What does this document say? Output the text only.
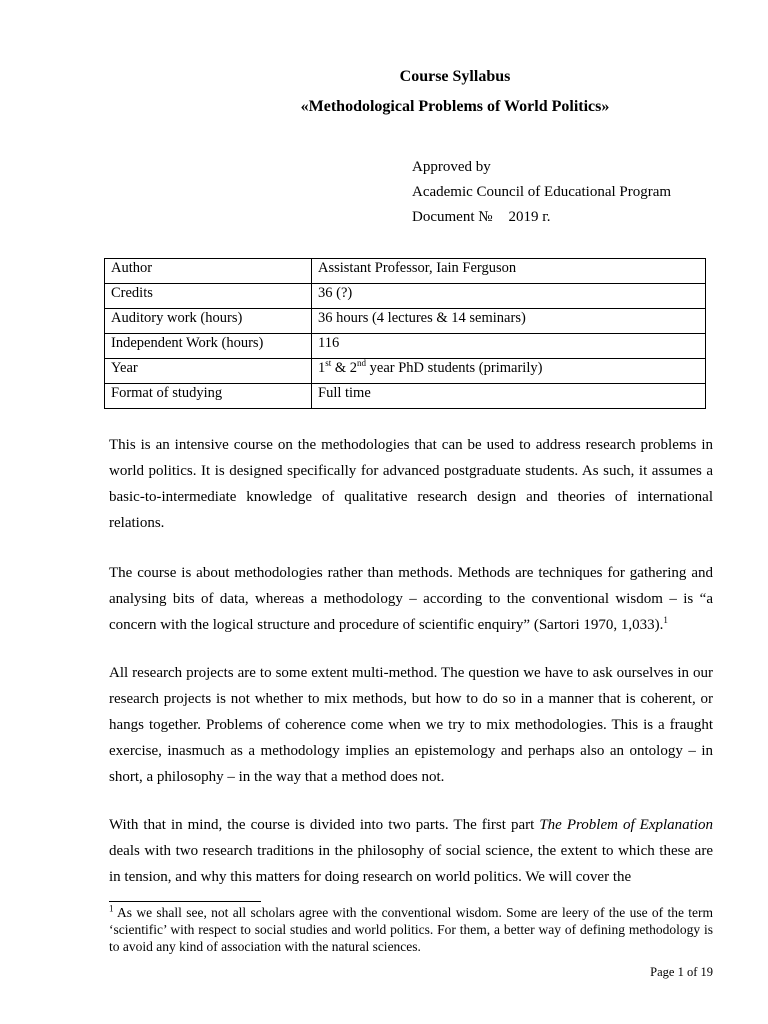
Course Syllabus
«Methodological Problems of World Politics»
Approved by
Academic Council of Educational Program
Document № 2019 г.
Author	Assistant Professor, Iain Ferguson
Credits	36 (?)
Auditory work (hours)	36 hours (4 lectures & 14 seminars)
Independent Work (hours)	116
Year	1st & 2nd year PhD students (primarily)
Format of studying	Full time

This is an intensive course on the methodologies that can be used to address research problems in world politics. It is designed specifically for advanced postgraduate students. As such, it assumes a basic-to-intermediate knowledge of qualitative research design and theories of international relations.

The course is about methodologies rather than methods. Methods are techniques for gathering and analysing bits of data, whereas a methodology – according to the conventional wisdom – is “a concern with the logical structure and procedure of scientific enquiry” (Sartori 1970, 1,033).$^1$

All research projects are to some extent multi-method. The question we have to ask ourselves in our research projects is not whether to mix methods, but how to do so in a manner that is coherent, or hangs together. Problems of coherence come when we try to mix methodologies. This is a fraught exercise, inasmuch as a methodology implies an epistemology and perhaps also an ontology – in short, a philosophy – in the way that a method does not.

With that in mind, the course is divided into two parts. The first part The Problem of Explanation deals with two research traditions in the philosophy of social science, the extent to which these are in tension, and why this matters for doing research on world politics. We will cover the

$^1$ As we shall see, not all scholars agree with the conventional wisdom. Some are leery of the use of the term ‘scientific’ with respect to social studies and world politics. For them, a better way of defining methodology is to avoid any kind of association with the natural sciences.

Page 1 of 19
